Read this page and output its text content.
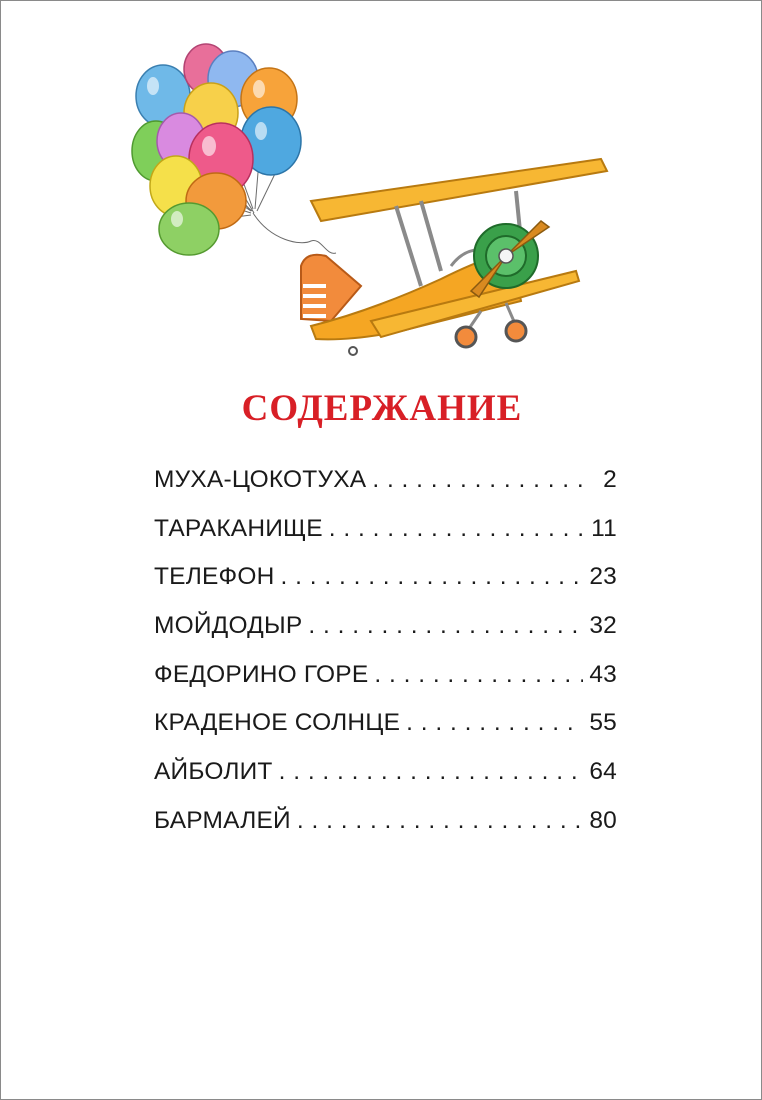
СОДЕРЖАНИЕ
МУХА-ЦОКОТУХА . . .	2
ТАРАКАНИЩЕ . . .	11
ТЕЛЕФОН . . .	23
МОЙДОДЫР . . .	32
ФЕДОРИНО ГОРЕ . . .	43
КРАДЕНОЕ СОЛНЦЕ . . .	55
АЙБОЛИТ . . .	64
БАРМАЛЕЙ . . .	80
